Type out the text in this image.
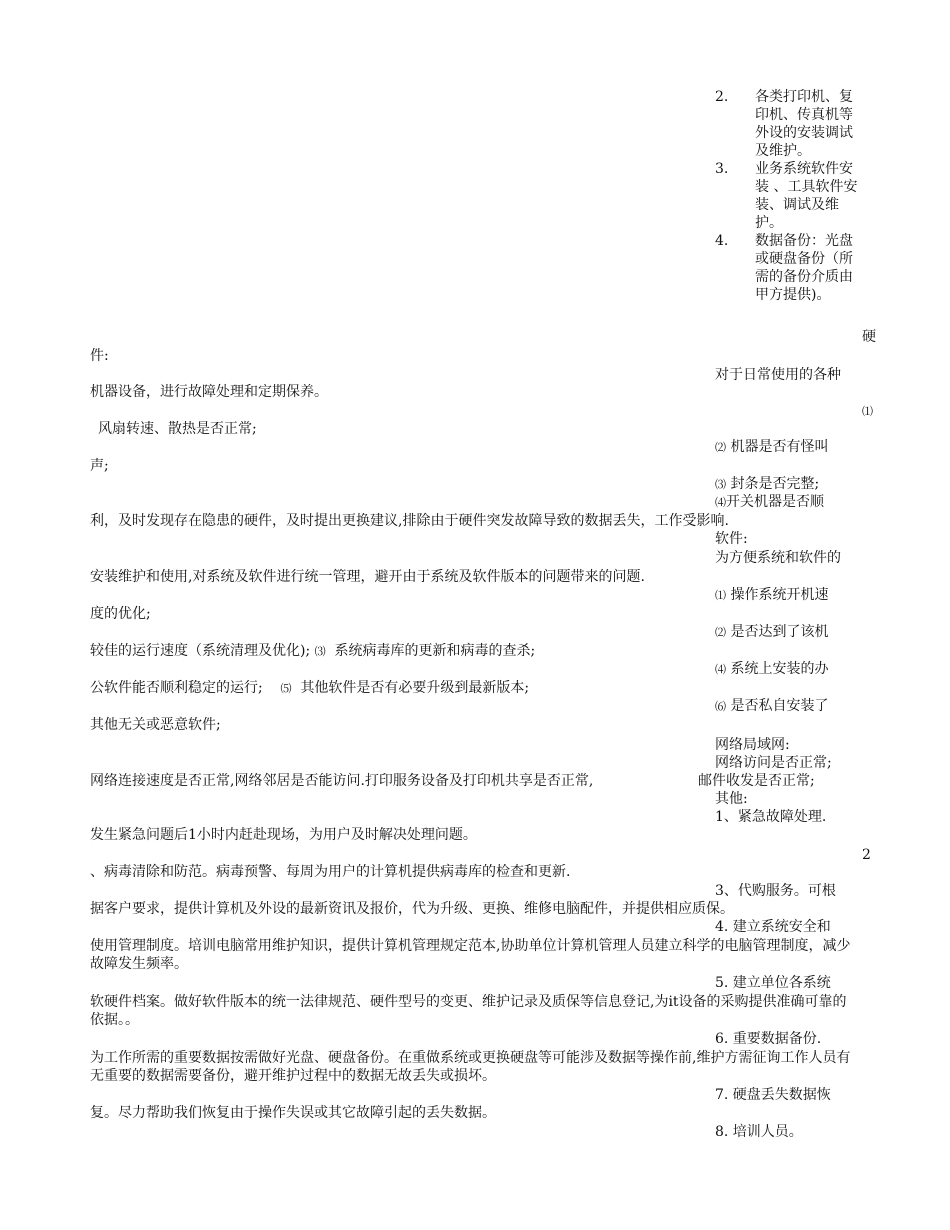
2.	各类打印机、复印机、传真机等外设的安装调试及维护。
3.	业务系统软件安装 、工具软件安装、调试及维护。
4.	数据备份：光盘或硬盘备份（所需的备份介质由甲方提供)。
硬
件:
对于日常使用的各种
机器设备，进行故障处理和定期保养。
⑴
风扇转速、散热是否正常;
⑵ 机器是否有怪叫
声;
⑶ 封条是否完整;
⑷开关机器是否顺
利，及时发现存在隐患的硬件，及时提出更换建议,排除由于硬件突发故障导致的数据丢失，工作受影响.
软件:
为方便系统和软件的
安装维护和使用,对系统及软件进行统一管理，避开由于系统及软件版本的问题带来的问题.
⑴ 操作系统开机速
度的优化;
⑵ 是否达到了该机
较佳的运行速度（系统清理及优化); ⑶ 系统病毒库的更新和病毒的查杀;
⑷ 系统上安装的办
公软件能否顺利稳定的运行; ⑸ 其他软件是否有必要升级到最新版本;
⑹ 是否私自安装了
其他无关或恶意软件;
网络局域网:
网络访问是否正常;
网络连接速度是否正常,网络邻居是否能访问.打印服务设备及打印机共享是否正常,	邮件收发是否正常;
其他:
1、紧急故障处理.
发生紧急问题后1小时内赶赴现场，为用户及时解决处理问题。
2
、病毒清除和防范。病毒预警、每周为用户的计算机提供病毒库的检查和更新.
3、代购服务。可根
据客户要求，提供计算机及外设的最新资讯及报价，代为升级、更换、维修电脑配件，并提供相应质保。
4. 建立系统安全和
使用管理制度。培训电脑常用维护知识，提供计算机管理规定范本,协助单位计算机管理人员建立科学的电脑管理制度，减少故障发生频率。
5. 建立单位各系统
软硬件档案。做好软件版本的统一法律规范、硬件型号的变更、维护记录及质保等信息登记,为it设备的采购提供准确可靠的依据。。
6. 重要数据备份.
为工作所需的重要数据按需做好光盘、硬盘备份。在重做系统或更换硬盘等可能涉及数据等操作前,维护方需征询工作人员有无重要的数据需要备份，避开维护过程中的数据无故丢失或损坏。
7. 硬盘丢失数据恢
复。尽力帮助我们恢复由于操作失误或其它故障引起的丢失数据。
8. 培训人员。
